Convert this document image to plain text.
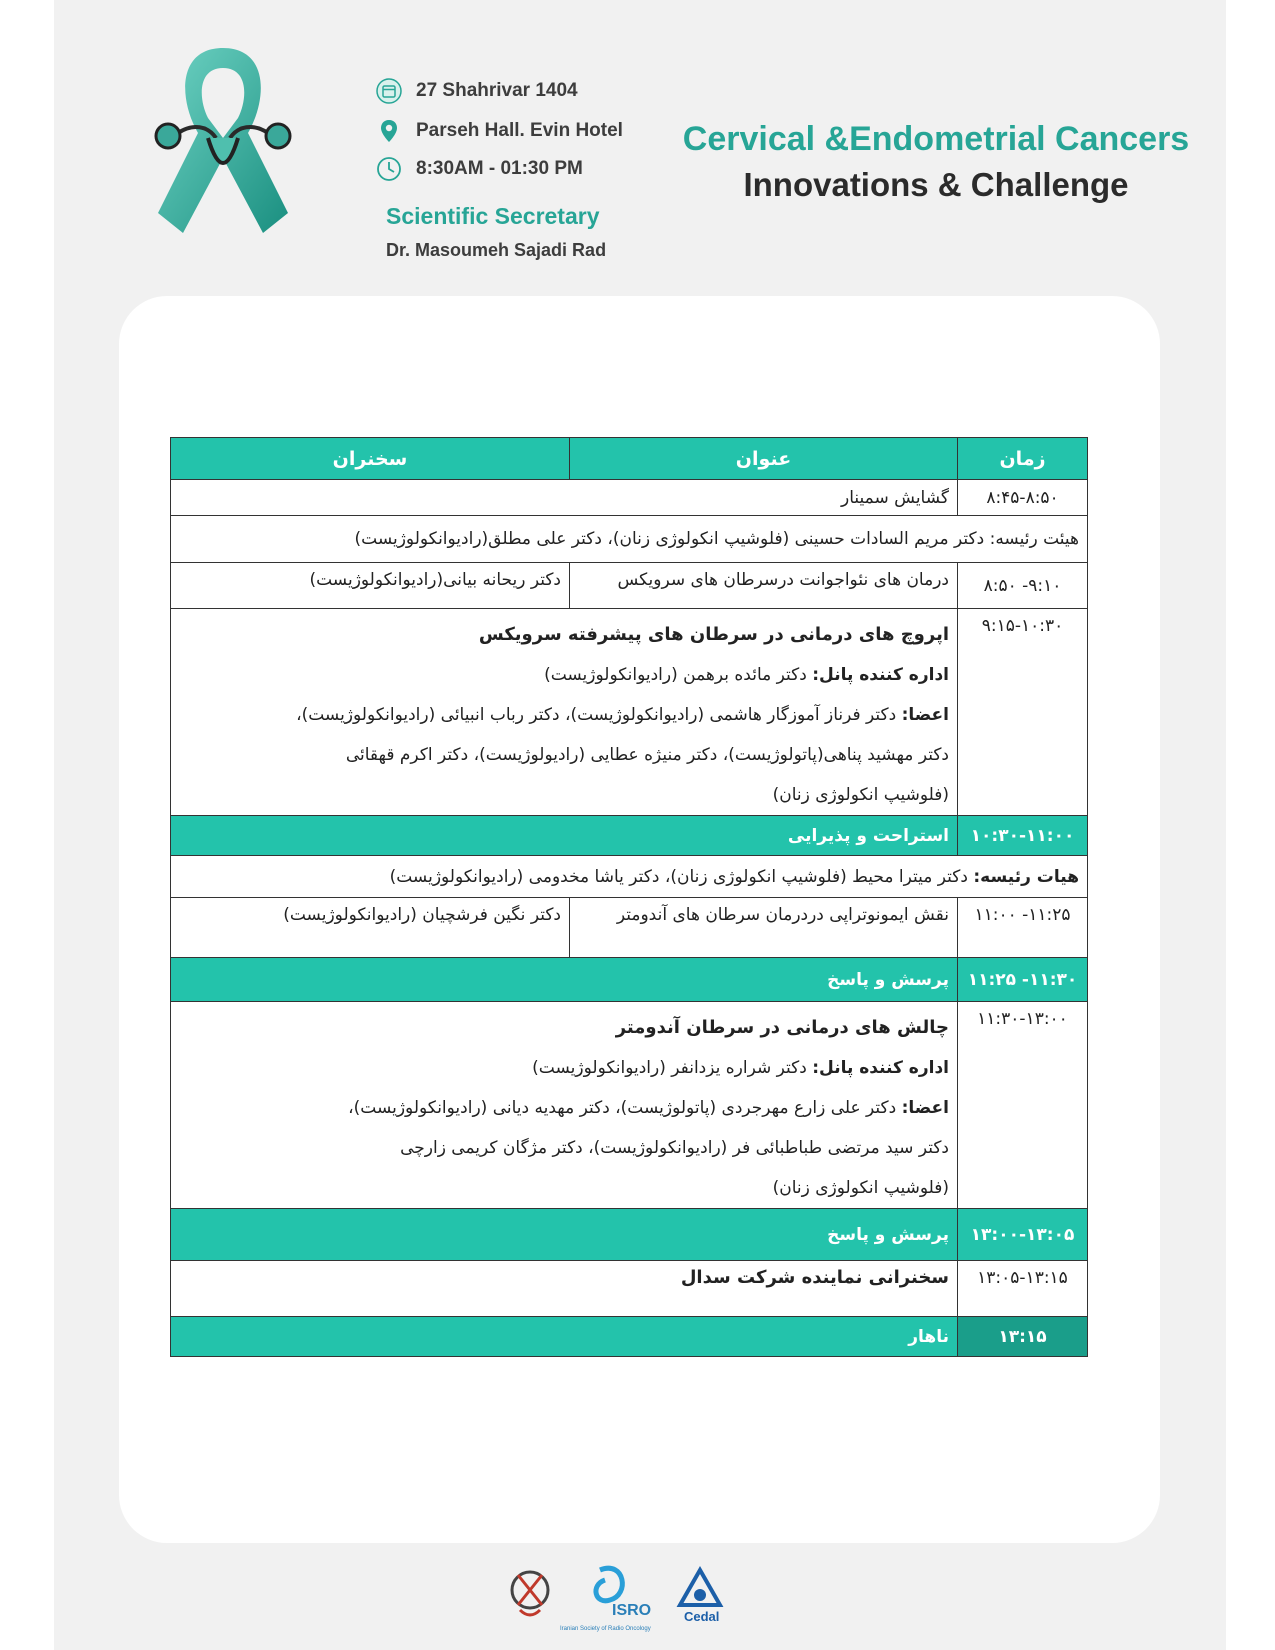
27 Shahrivar 1404
Parseh Hall. Evin Hotel
8:30AM - 01:30 PM
Scientific Secretary
Dr. Masoumeh Sajadi Rad
Cervical &Endometrial Cancers
Innovations & Challenge
زمان	عنوان	سخنران
۸:۴۵-۸:۵۰	گشایش سمینار	
هیئت رئیسه: دکتر مریم السادات حسینی (فلوشیپ انکولوژی زنان)، دکتر علی مطلق(رادیوانکولوژیست)		
۸:۵۰ -۹:۱۰	درمان های نئواجوانت درسرطان های سرویکس	دکتر ریحانه بیانی(رادیوانکولوژیست)
۹:۱۵-۱۰:۳۰	اپروچ های درمانی در سرطان های پیشرفته سرویکس

اداره کننده پانل: دکتر مائده برهمن (رادیوانکولوژیست)

اعضا: دکتر فرناز آموزگار هاشمی (رادیوانکولوژیست)، دکتر رباب انبیائی (رادیوانکولوژیست)،

دکتر مهشید پناهی(پاتولوژیست)، دکتر منیژه عطایی (رادیولوژیست)، دکتر اکرم قهقائی

(فلوشیپ انکولوژی زنان)	

۱۰:۳۰-۱۱:۰۰	استراحت و پذیرایی	
هیات رئیسه: دکتر میترا محیط (فلوشیپ انکولوژی زنان)، دکتر یاشا مخدومی (رادیوانکولوژیست)		
۱۱:۰۰ -۱۱:۲۵	نقش ایمونوتراپی دردرمان سرطان های آندومتر	دکتر نگین فرشچیان (رادیوانکولوژیست)
۱۱:۲۵ -۱۱:۳۰	پرسش و پاسخ	
۱۱:۳۰-۱۳:۰۰	چالش های درمانی در سرطان آندومتر

اداره کننده پانل: دکتر شراره یزدانفر (رادیوانکولوژیست)

اعضا: دکتر علی زارع مهرجردی (پاتولوژیست)، دکتر مهدیه دیانی (رادیوانکولوژیست)،

دکتر سید مرتضی طباطبائی فر (رادیوانکولوژیست)، دکتر مژگان کریمی زارچی

(فلوشیپ انکولوژی زنان)	

۱۳:۰۰-۱۳:۰۵	پرسش و پاسخ	
۱۳:۰۵-۱۳:۱۵	سخنرانی نماینده شرکت سدال	
۱۳:۱۵	ناهار	
ISRO
Iranian Society of Radio Oncology
Cedal
